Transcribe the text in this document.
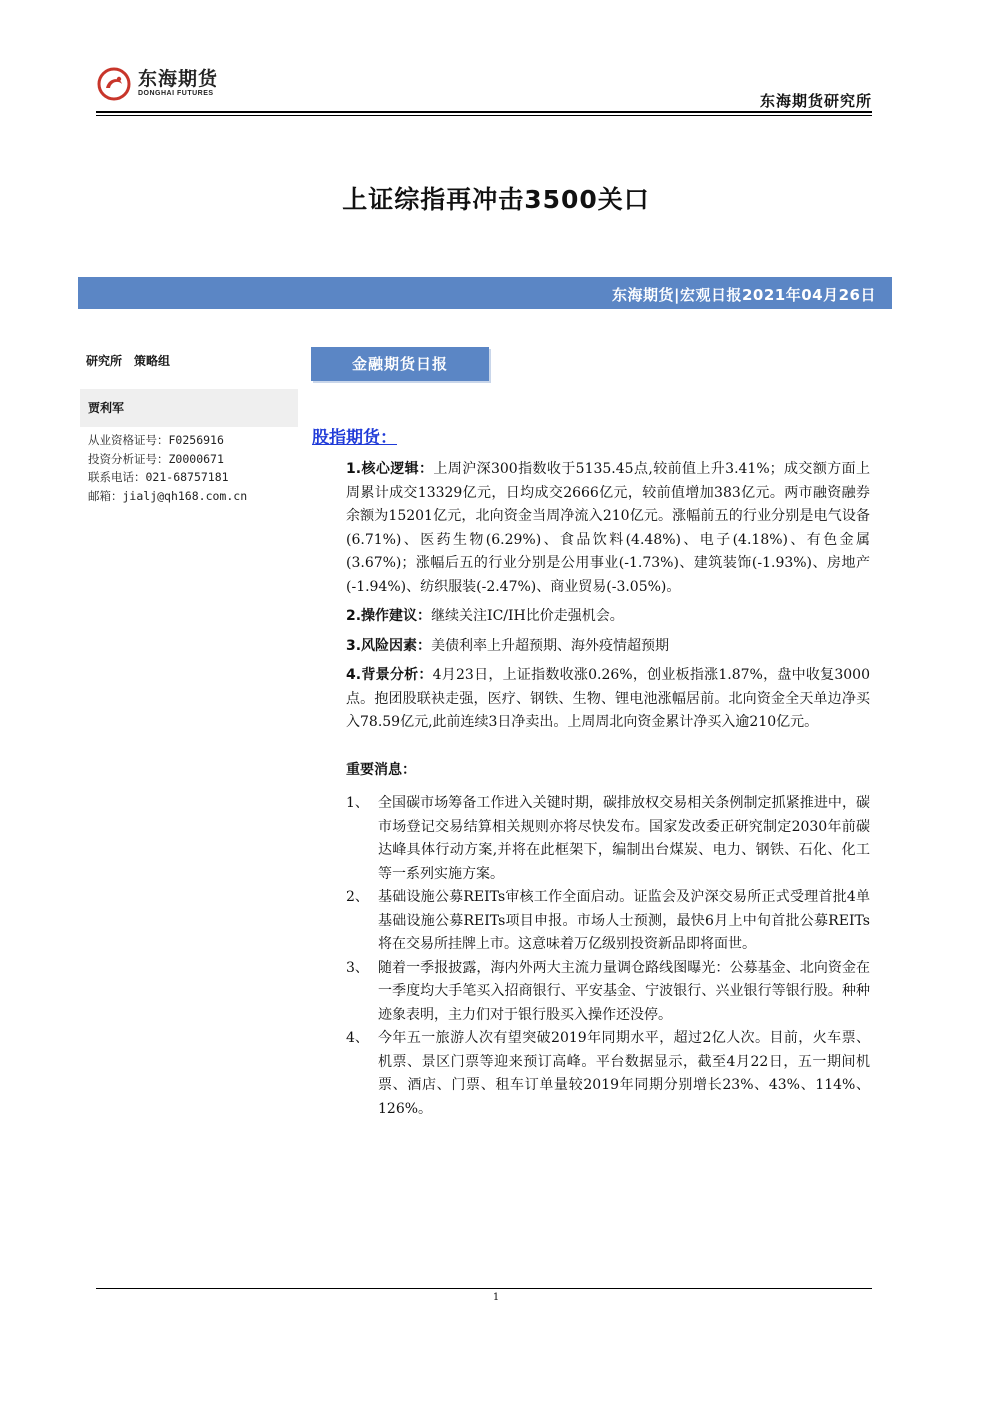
东海期货
DONGHAI FUTURES	东海期货研究所
上证综指再冲击3500关口
东海期货|宏观日报2021年04月26日
研究所　策略组
贾利军
从业资格证号：F0256916
投资分析证号：Z0000671
联系电话：021-68757181
邮箱：jialj@qh168.com.cn
金融期货日报
股指期货：

1.核心逻辑：上周沪深300指数收于5135.45点,较前值上升3.41%；成交额方面上周累计成交13329亿元，日均成交2666亿元，较前值增加383亿元。两市融资融券余额为15201亿元，北向资金当周净流入210亿元。涨幅前五的行业分别是电气设备(6.71%)、医药生物(6.29%)、食品饮料(4.48%)、电子(4.18%)、有色金属(3.67%)；涨幅后五的行业分别是公用事业(-1.73%)、建筑装饰(-1.93%)、房地产(-1.94%)、纺织服装(-2.47%)、商业贸易(-3.05%)。

2.操作建议：继续关注IC/IH比价走强机会。

3.风险因素：美债利率上升超预期、海外疫情超预期

4.背景分析：4月23日，上证指数收涨0.26%，创业板指涨1.87%，盘中收复3000点。抱团股联袂走强，医疗、钢铁、生物、锂电池涨幅居前。北向资金全天单边净买入78.59亿元,此前连续3日净卖出。上周周北向资金累计净买入逾210亿元。

重要消息：
1、 全国碳市场筹备工作进入关键时期，碳排放权交易相关条例制定抓紧推进中，碳市场登记交易结算相关规则亦将尽快发布。国家发改委正研究制定2030年前碳达峰具体行动方案,并将在此框架下，编制出台煤炭、电力、钢铁、石化、化工等一系列实施方案。
2、 基础设施公募REITs审核工作全面启动。证监会及沪深交易所正式受理首批4单基础设施公募REITs项目申报。市场人士预测，最快6月上中旬首批公募REITs将在交易所挂牌上市。这意味着万亿级别投资新品即将面世。
3、 随着一季报披露，海内外两大主流力量调仓路线图曝光：公募基金、北向资金在一季度均大手笔买入招商银行、平安基金、宁波银行、兴业银行等银行股。种种迹象表明，主力们对于银行股买入操作还没停。
4、 今年五一旅游人次有望突破2019年同期水平，超过2亿人次。目前，火车票、机票、景区门票等迎来预订高峰。平台数据显示，截至4月22日，五一期间机票、酒店、门票、租车订单量较2019年同期分别增长23%、43%、114%、126%。
1
